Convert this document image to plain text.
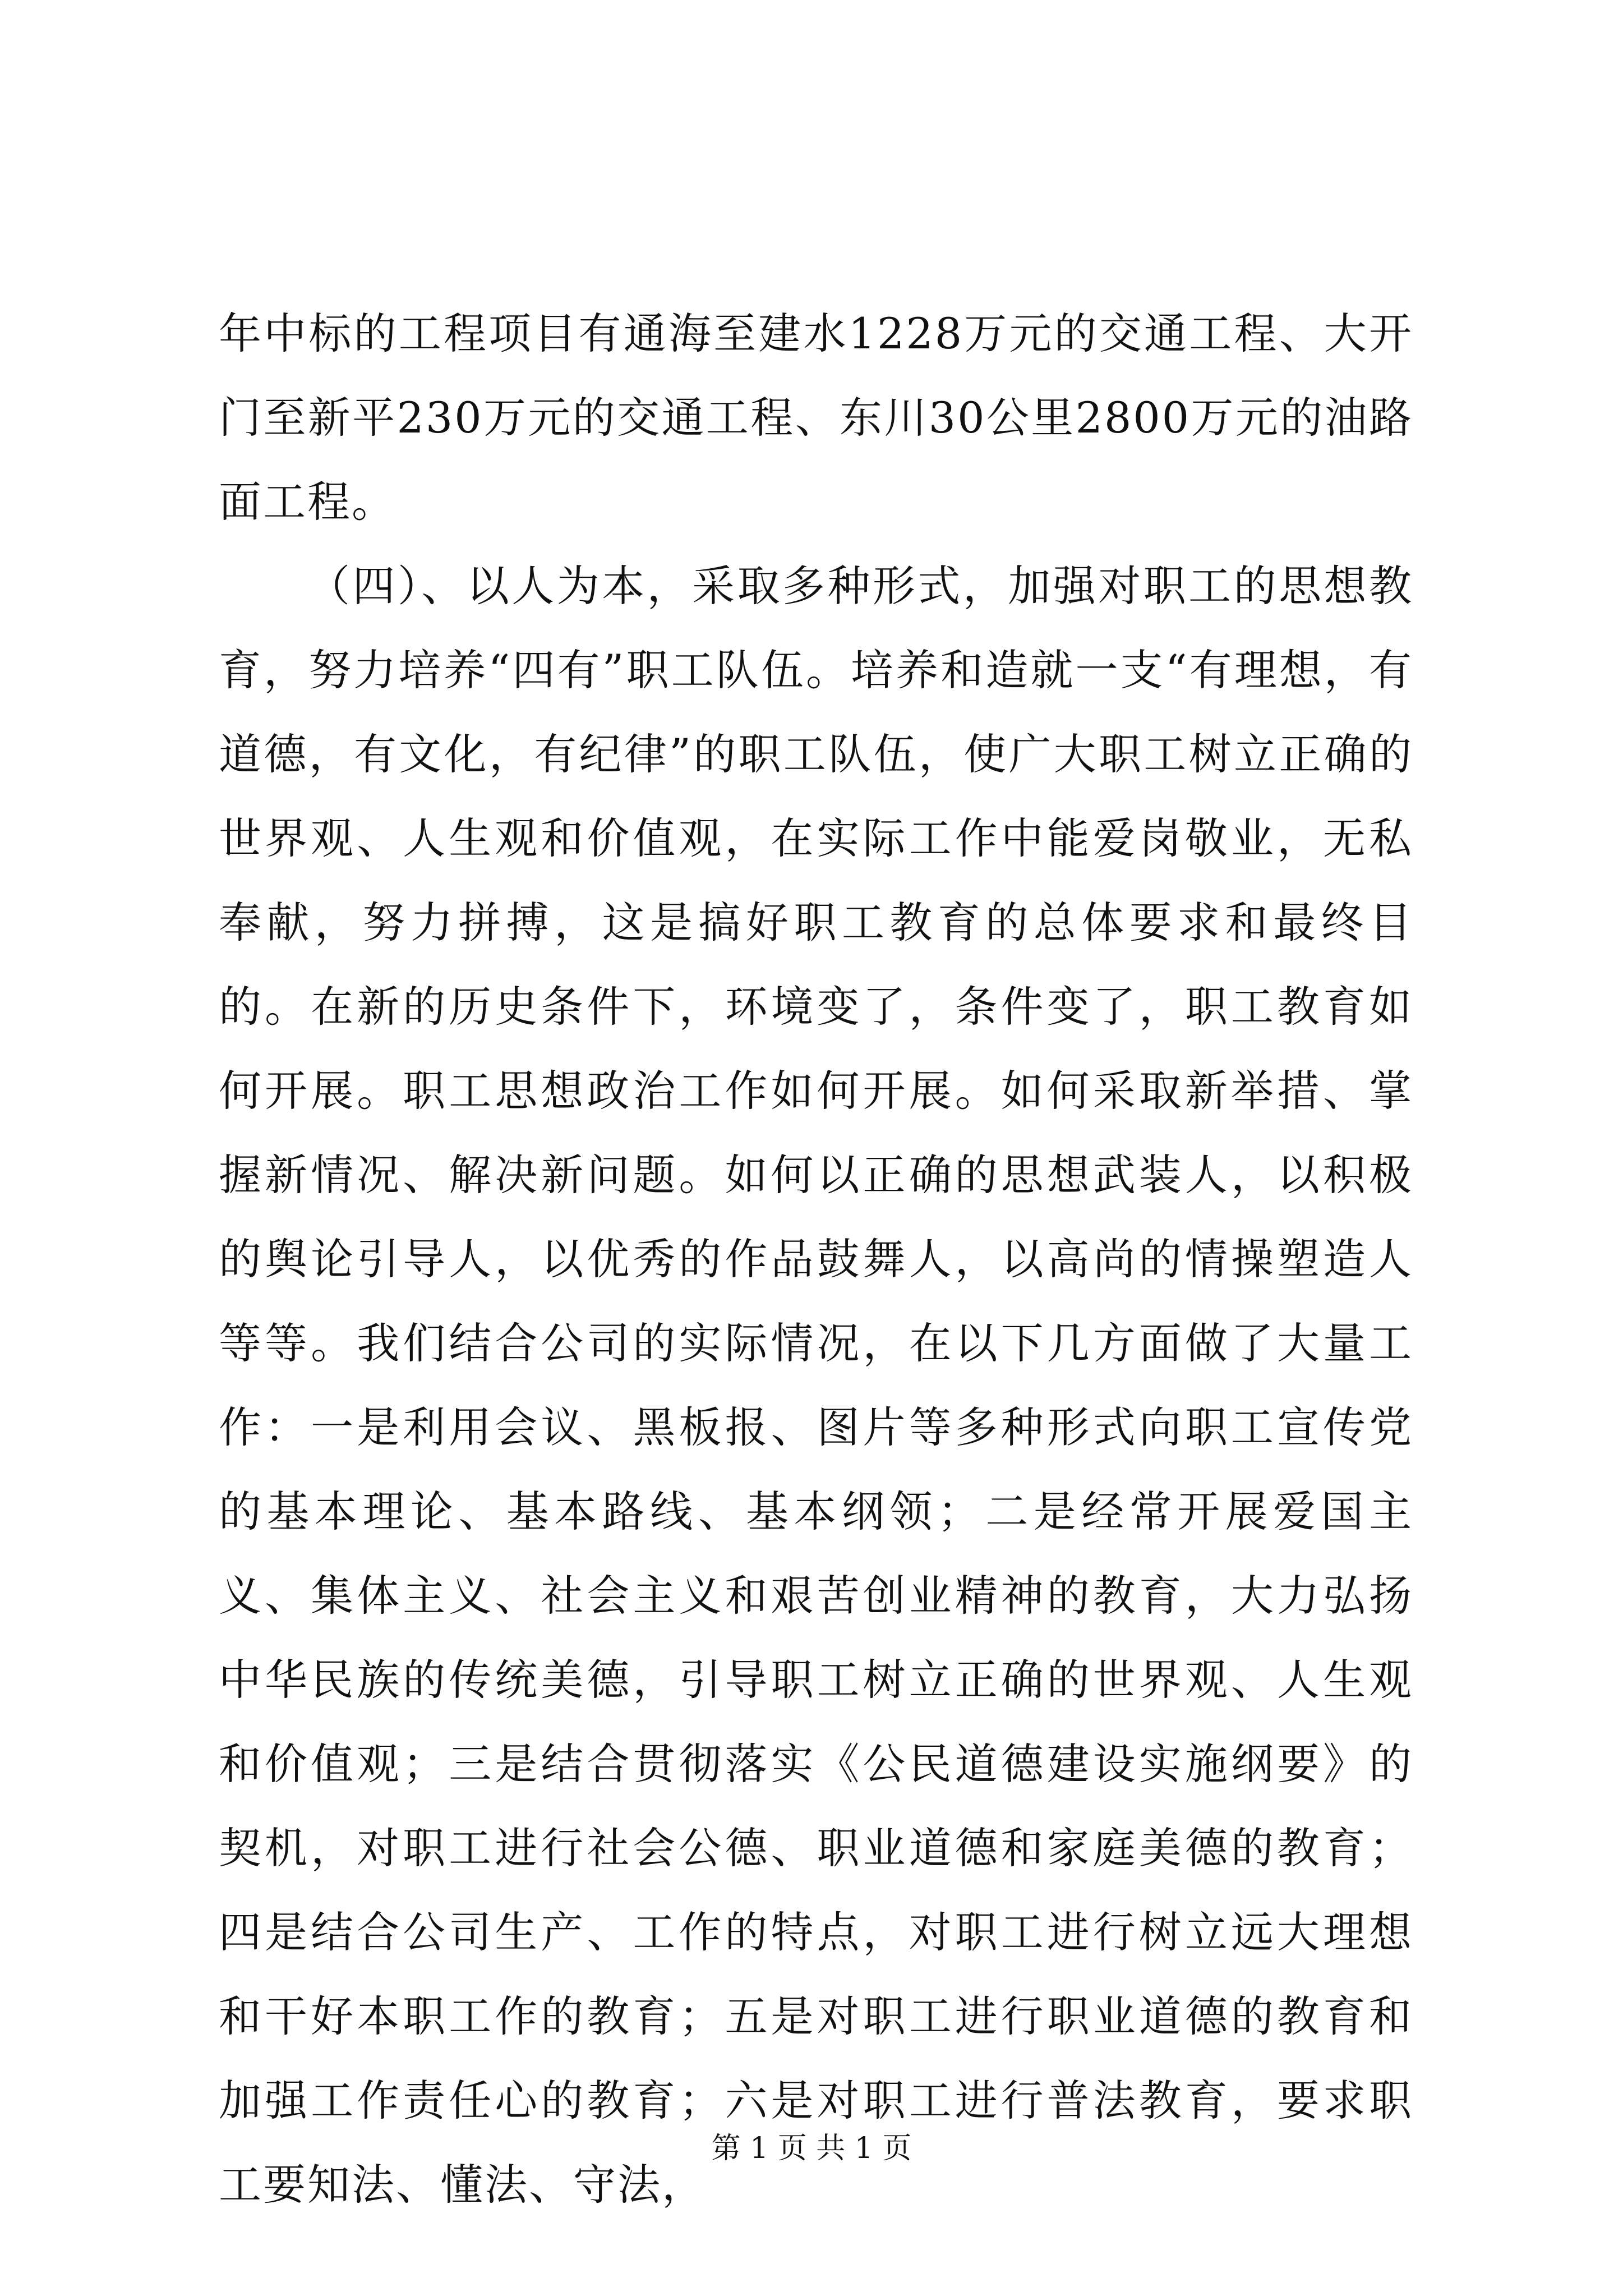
年中标的工程项目有通海至建水1228万元的交通工程、大开门至新平230万元的交通工程、东川30公里2800万元的油路面工程。

（四）、以人为本，采取多种形式，加强对职工的思想教育，努力培养“四有”职工队伍。培养和造就一支“有理想，有道德，有文化，有纪律”的职工队伍，使广大职工树立正确的世界观、人生观和价值观，在实际工作中能爱岗敬业，无私奉献，努力拼搏，这是搞好职工教育的总体要求和最终目的。在新的历史条件下，环境变了，条件变了，职工教育如何开展。职工思想政治工作如何开展。如何采取新举措、掌握新情况、解决新问题。如何以正确的思想武装人，以积极的舆论引导人，以优秀的作品鼓舞人，以高尚的情操塑造人等等。我们结合公司的实际情况，在以下几方面做了大量工作：一是利用会议、黑板报、图片等多种形式向职工宣传党的基本理论、基本路线、基本纲领；二是经常开展爱国主义、集体主义、社会主义和艰苦创业精神的教育，大力弘扬中华民族的传统美德，引导职工树立正确的世界观、人生观和价值观；三是结合贯彻落实《公民道德建设实施纲要》的契机，对职工进行社会公德、职业道德和家庭美德的教育；四是结合公司生产、工作的特点，对职工进行树立远大理想和干好本职工作的教育；五是对职工进行职业道德的教育和加强工作责任心的教育；六是对职工进行普法教育，要求职工要知法、懂法、守法，

第 1 页 共 1 页
